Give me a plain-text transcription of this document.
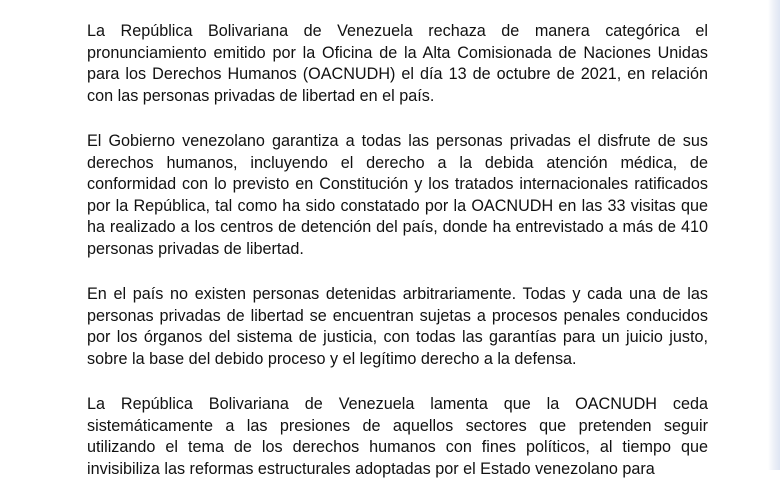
La República Bolivariana de Venezuela rechaza de manera categórica el pronunciamiento emitido por la Oficina de la Alta Comisionada de Naciones Unidas para los Derechos Humanos (OACNUDH) el día 13 de octubre de 2021, en relación con las personas privadas de libertad en el país.

El Gobierno venezolano garantiza a todas las personas privadas el disfrute de sus derechos humanos, incluyendo el derecho a la debida atención médica, de conformidad con lo previsto en Constitución y los tratados internacionales ratificados por la República, tal como ha sido constatado por la OACNUDH en las 33 visitas que ha realizado a los centros de detención del país, donde ha entrevistado a más de 410 personas privadas de libertad.

En el país no existen personas detenidas arbitrariamente. Todas y cada una de las personas privadas de libertad se encuentran sujetas a procesos penales conducidos por los órganos del sistema de justicia, con todas las garantías para un juicio justo, sobre la base del debido proceso y el legítimo derecho a la defensa.

La República Bolivariana de Venezuela lamenta que la OACNUDH ceda sistemáticamente a las presiones de aquellos sectores que pretenden seguir utilizando el tema de los derechos humanos con fines políticos, al tiempo que invisibiliza las reformas estructurales adoptadas por el Estado venezolano para
